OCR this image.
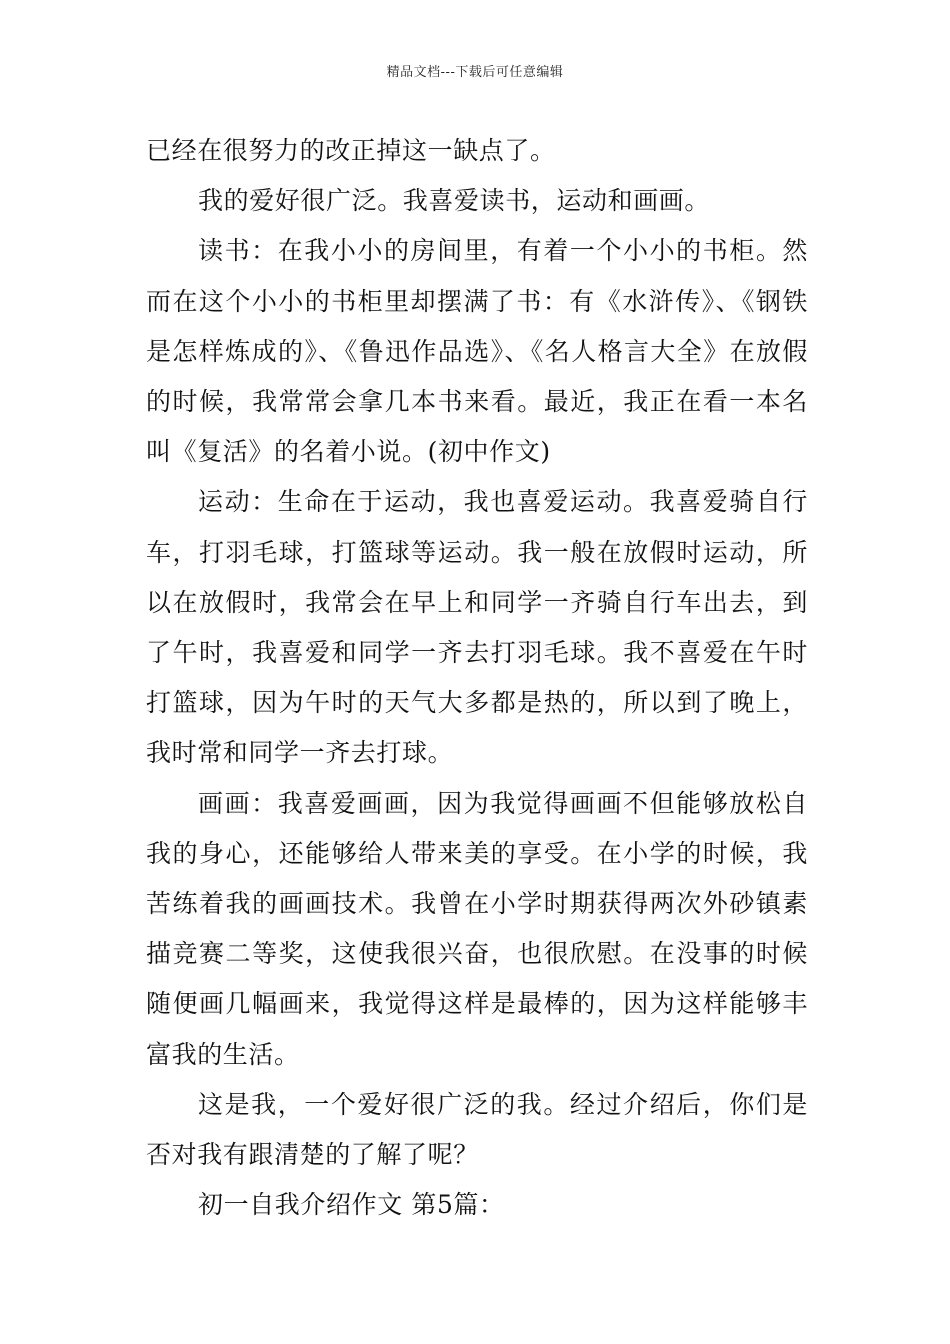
精品文档---下载后可任意编辑

已经在很努力的改正掉这一缺点了。

我的爱好很广泛。我喜爱读书，运动和画画。

读书：在我小小的房间里，有着一个小小的书柜。然而在这个小小的书柜里却摆满了书：有《水浒传》、《钢铁是怎样炼成的》、《鲁迅作品选》、《名人格言大全》在放假的时候，我常常会拿几本书来看。最近，我正在看一本名叫《复活》的名着小说。(初中作文)

运动：生命在于运动，我也喜爱运动。我喜爱骑自行车，打羽毛球，打篮球等运动。我一般在放假时运动，所以在放假时，我常会在早上和同学一齐骑自行车出去，到了午时，我喜爱和同学一齐去打羽毛球。我不喜爱在午时打篮球，因为午时的天气大多都是热的，所以到了晚上，我时常和同学一齐去打球。

画画：我喜爱画画，因为我觉得画画不但能够放松自我的身心，还能够给人带来美的享受。在小学的时候，我苦练着我的画画技术。我曾在小学时期获得两次外砂镇素描竞赛二等奖，这使我很兴奋，也很欣慰。在没事的时候随便画几幅画来，我觉得这样是最棒的，因为这样能够丰富我的生活。

这是我，一个爱好很广泛的我。经过介绍后，你们是否对我有跟清楚的了解了呢？

初一自我介绍作文 第5篇：
